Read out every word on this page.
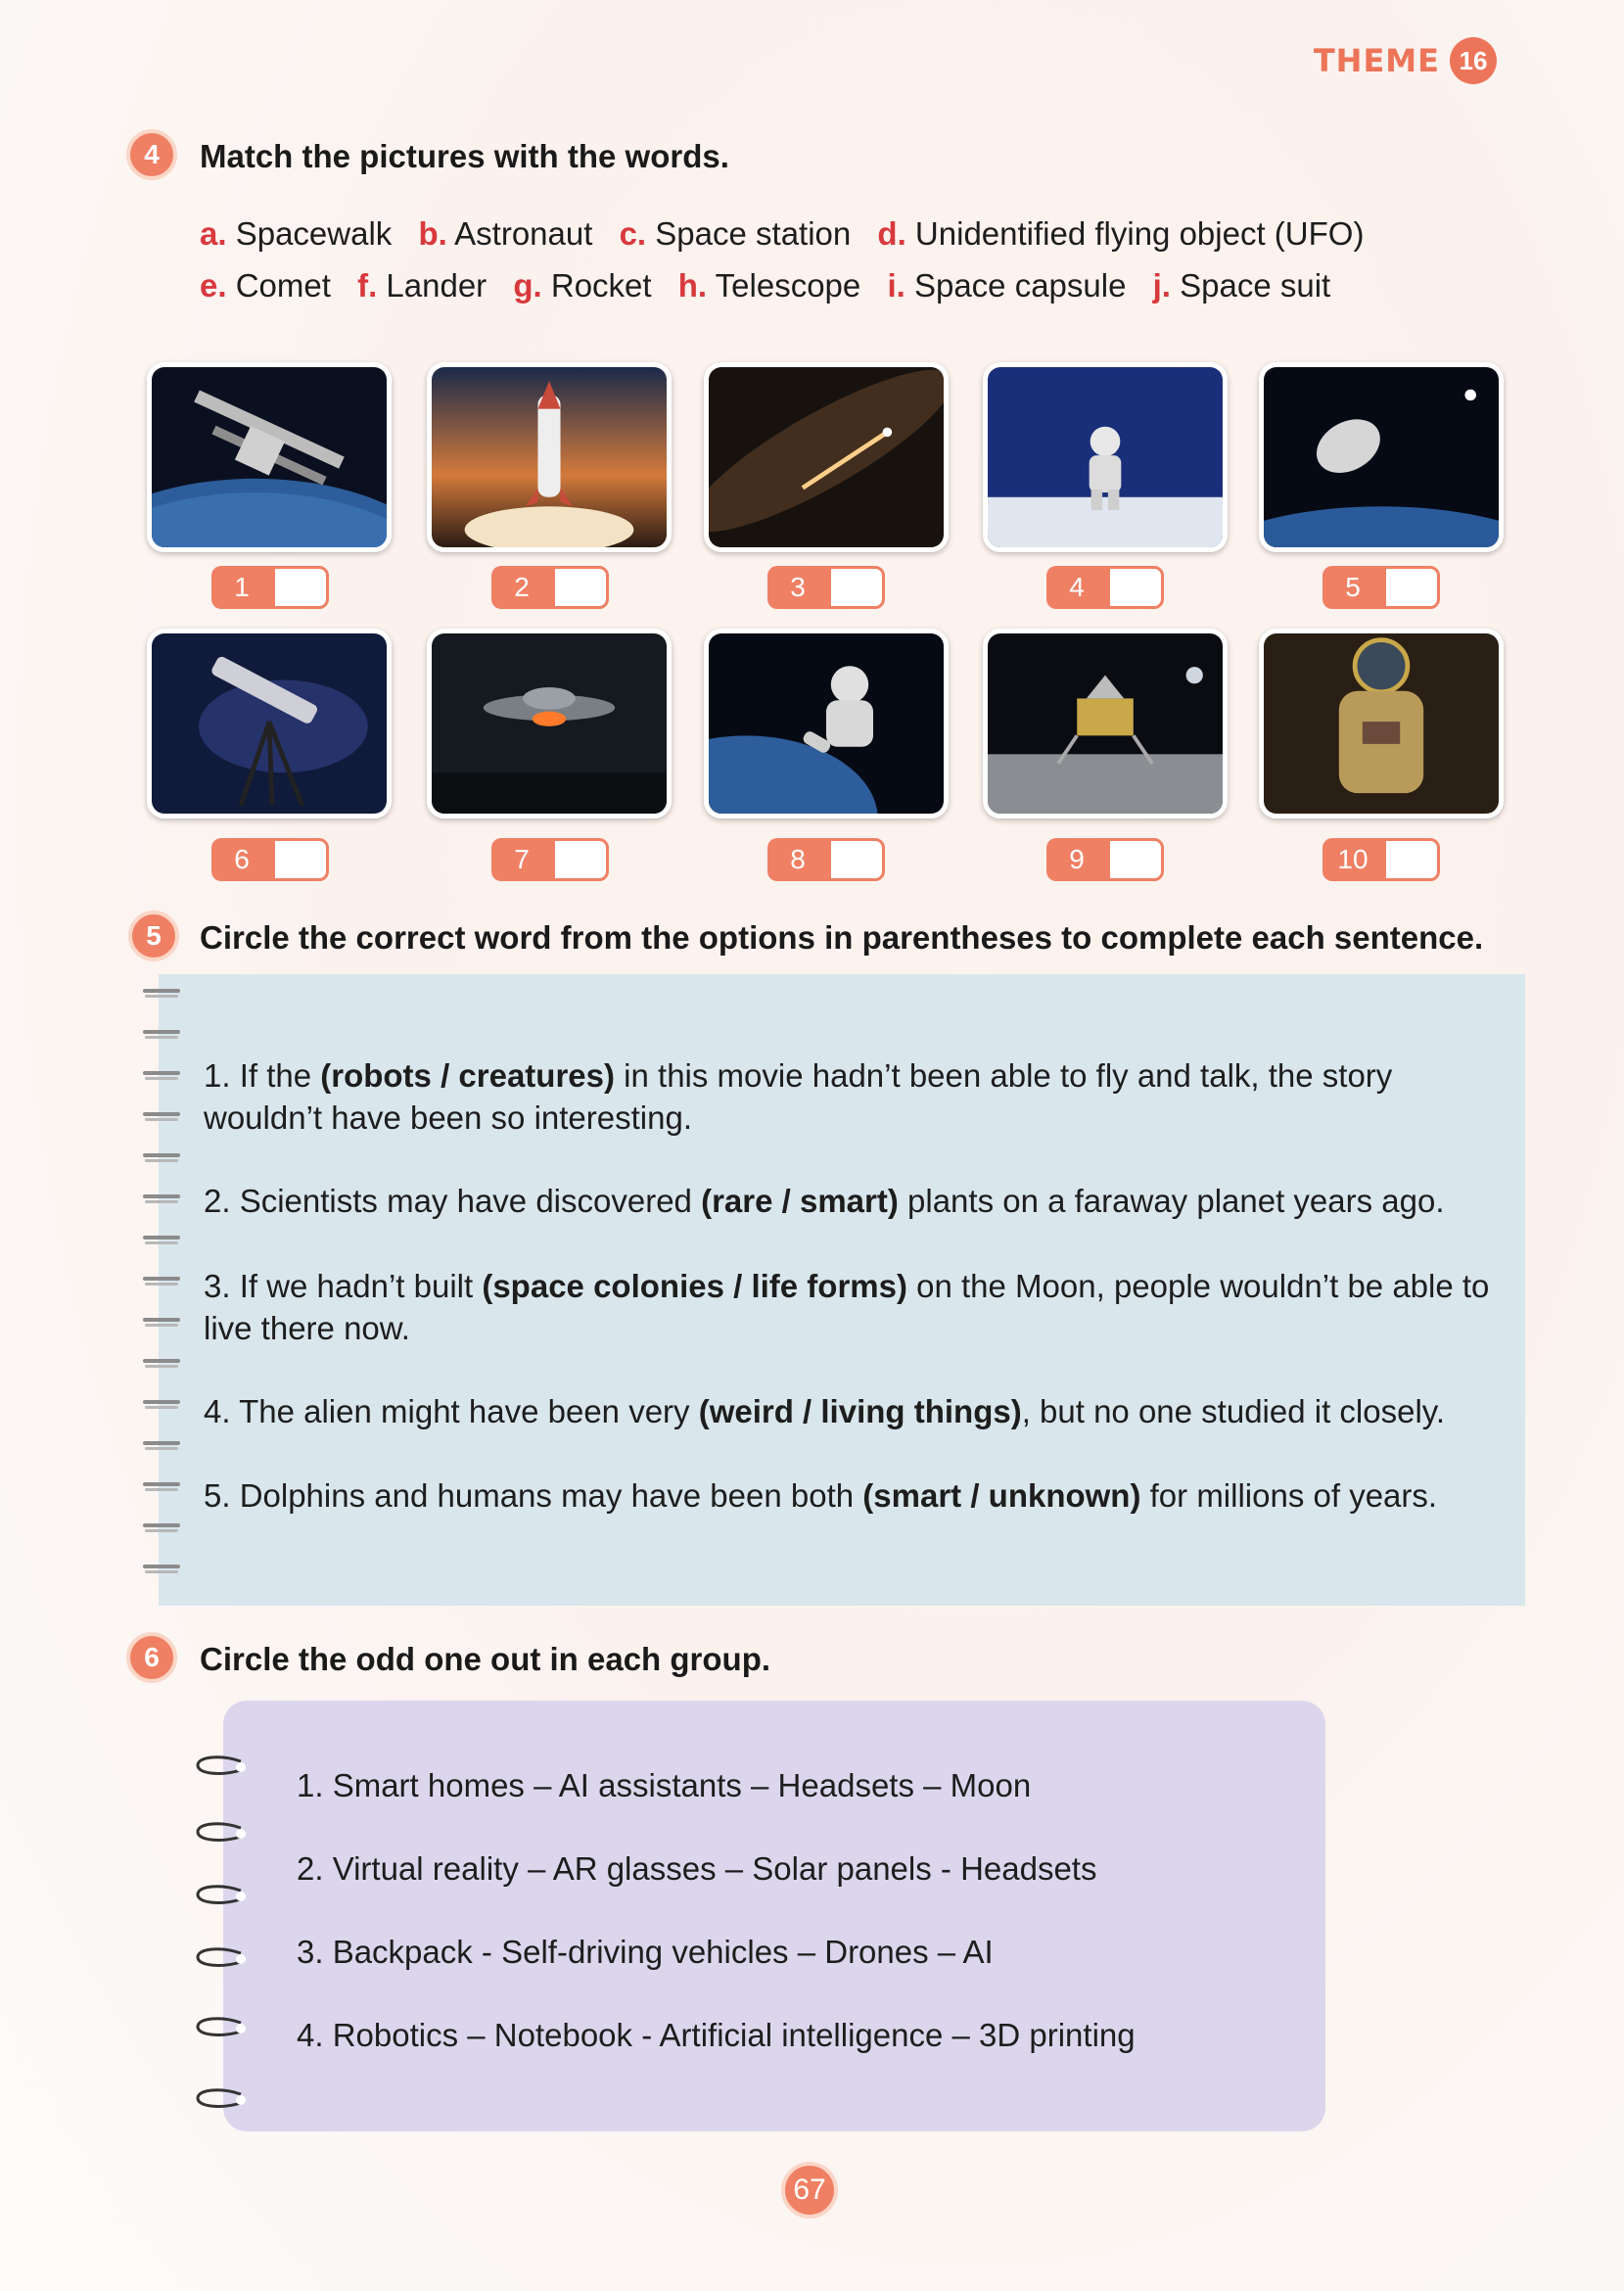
THEME 16
4	Match the pictures with the words.
a. Spacewalk b. Astronaut c. Space station d. Unidentified flying object (UFO)
e. Comet f. Lander g. Rocket h. Telescope i. Space capsule j. Space suit
1	2	3	4	5
6	7	8	9	10
5	Circle the correct word from the options in parentheses to complete each sentence.
1. If the (robots / creatures) in this movie hadn’t been able to fly and talk, the story wouldn’t have been so interesting.
2. Scientists may have discovered (rare / smart) plants on a faraway planet years ago.
3. If we hadn’t built (space colonies / life forms) on the Moon, people wouldn’t be able to live there now.
4. The alien might have been very (weird / living things), but no one studied it closely.
5. Dolphins and humans may have been both (smart / unknown) for millions of years.
6	Circle the odd one out in each group.
1. Smart homes – AI assistants – Headsets – Moon
2. Virtual reality – AR glasses – Solar panels - Headsets
3. Backpack - Self-driving vehicles – Drones – AI
4. Robotics – Notebook - Artificial intelligence – 3D printing
67
